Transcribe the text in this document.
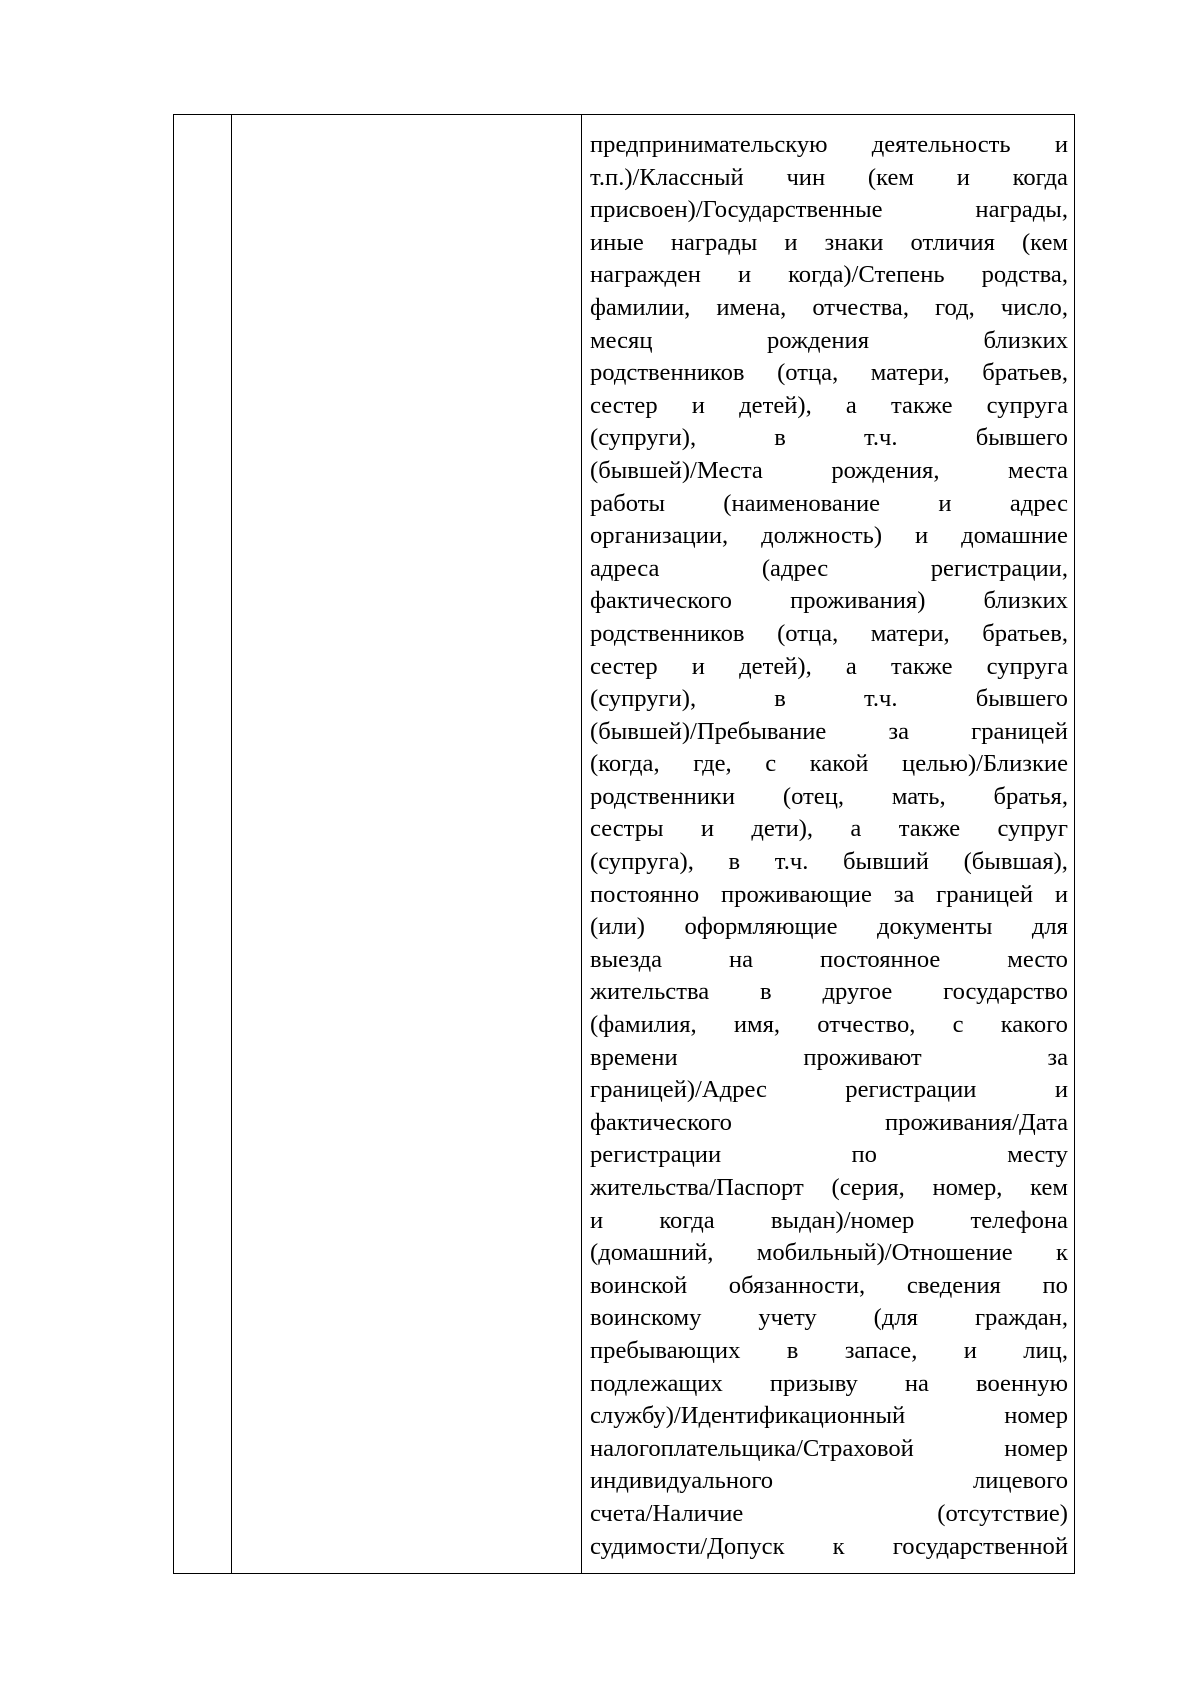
предпринимательскую деятельность и
т.п.)/Классный чин (кем и когда
присвоен)/Государственные	награды,
иные награды и знаки отличия (кем
награжден и когда)/Степень родства,
фамилии, имена, отчества, год, число,
месяц	рождения	близких
родственников (отца, матери, братьев,
сестер и детей), а также супруга
(супруги),	в	т.ч.	бывшего
(бывшей)/Места	рождения,	места
работы (наименование и адрес
организации, должность) и домашние
адреса	(адрес	регистрации,
фактического проживания) близких
родственников (отца, матери, братьев,
сестер и детей), а также супруга
(супруги),	в	т.ч.	бывшего
(бывшей)/Пребывание	за	границей
(когда, где, с какой целью)/Близкие
родственники (отец, мать, братья,
сестры и дети), а также супруг
(супруга), в т.ч. бывший (бывшая),
постоянно проживающие за границей и
(или) оформляющие документы для
выезда	на	постоянное	место
жительства в другое государство
(фамилия, имя, отчество, с какого
времени	проживают	за
границей)/Адрес	регистрации	и
фактического	проживания/Дата
регистрации	по	месту
жительства/Паспорт (серия, номер, кем
и когда выдан)/номер телефона
(домашний, мобильный)/Отношение к
воинской обязанности, сведения по
воинскому учету (для граждан,
пребывающих в запасе, и лиц,
подлежащих призыву на военную
службу)/Идентификационный	номер
налогоплательщика/Страховой	номер
индивидуального	лицевого
счета/Наличие	(отсутствие)
судимости/Допуск к государственной
